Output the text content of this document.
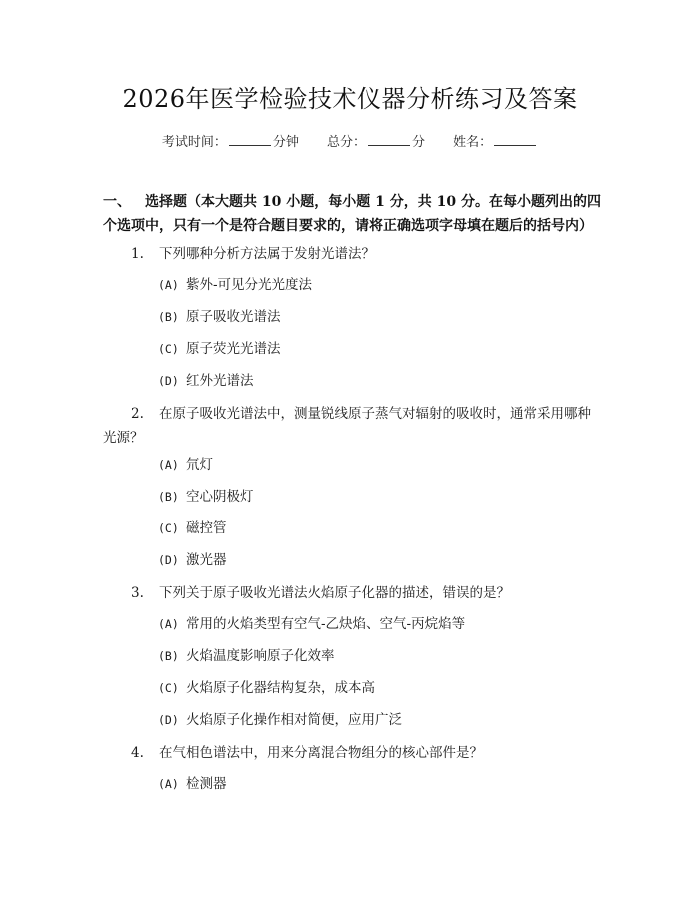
2026年医学检验技术仪器分析练习及答案
考试时间：	分钟 总分：	分 姓名：
一、 选择题（本大题共 10 小题，每小题 1 分，共 10 分。在每小题列出的四个选项中，只有一个是符合题目要求的，请将正确选项字母填在题后的括号内）
1. 下列哪种分析方法属于发射光谱法？
(A) 紫外-可见分光光度法
(B) 原子吸收光谱法
(C) 原子荧光光谱法
(D) 红外光谱法
2. 在原子吸收光谱法中，测量锐线原子蒸气对辐射的吸收时，通常采用哪种光源？
(A) 氘灯
(B) 空心阴极灯
(C) 磁控管
(D) 激光器
3. 下列关于原子吸收光谱法火焰原子化器的描述，错误的是？
(A) 常用的火焰类型有空气-乙炔焰、空气-丙烷焰等
(B) 火焰温度影响原子化效率
(C) 火焰原子化器结构复杂，成本高
(D) 火焰原子化操作相对简便，应用广泛
4. 在气相色谱法中，用来分离混合物组分的核心部件是？
(A) 检测器
